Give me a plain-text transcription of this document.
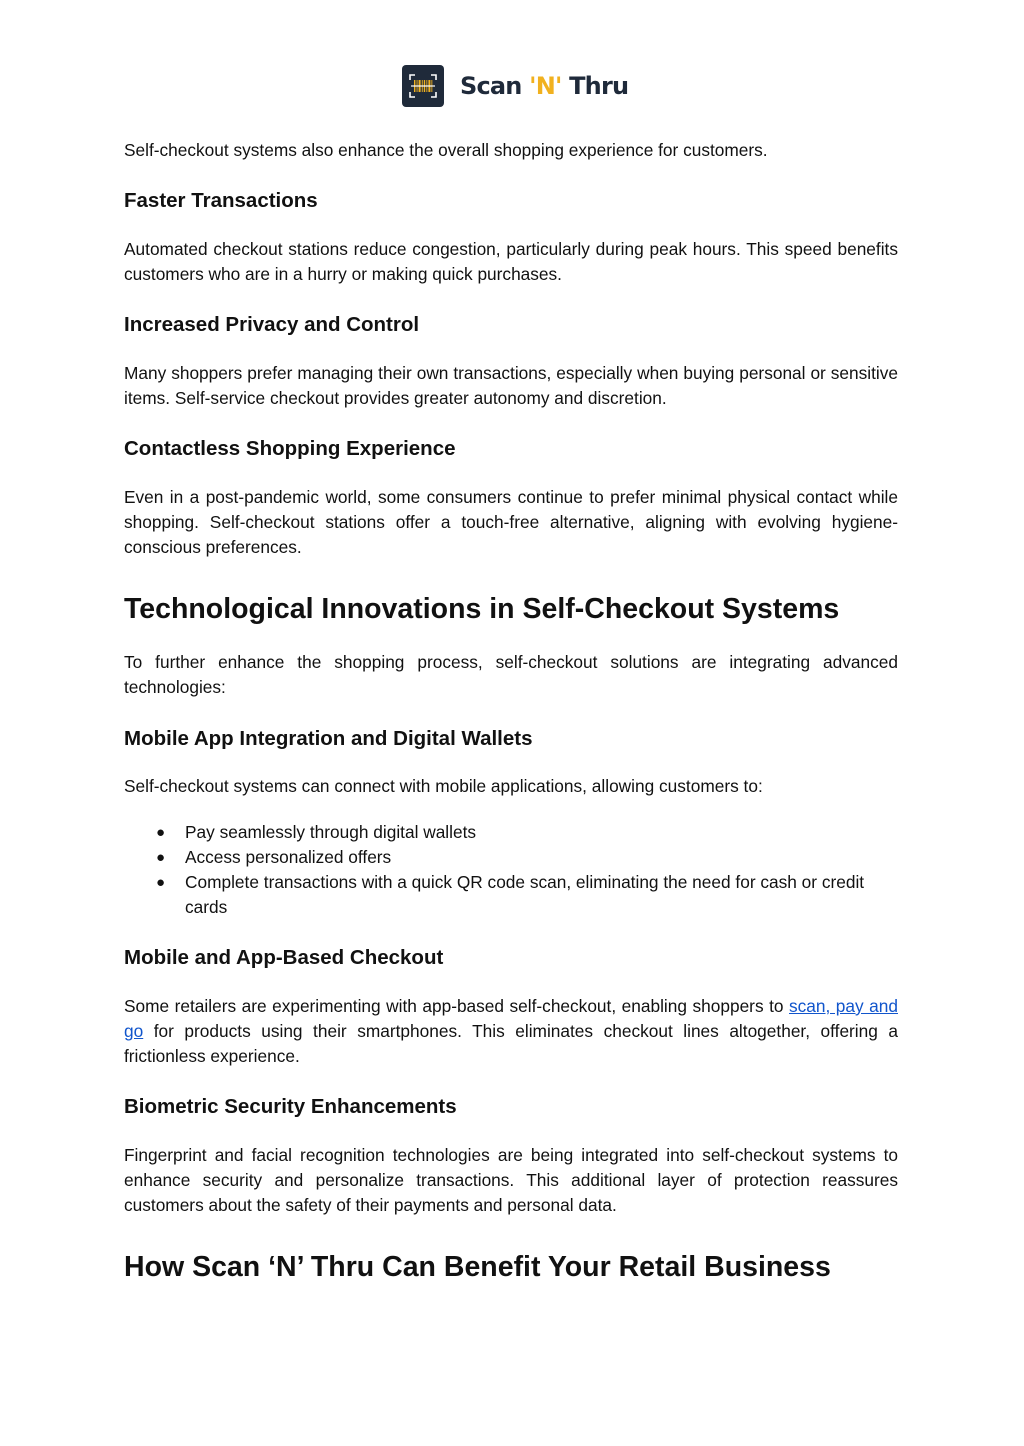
Scan 'N' Thru

Self-checkout systems also enhance the overall shopping experience for customers.

Faster Transactions

Automated checkout stations reduce congestion, particularly during peak hours. This speed benefits customers who are in a hurry or making quick purchases.

Increased Privacy and Control

Many shoppers prefer managing their own transactions, especially when buying personal or sensitive items. Self-service checkout provides greater autonomy and discretion.

Contactless Shopping Experience

Even in a post-pandemic world, some consumers continue to prefer minimal physical contact while shopping. Self-checkout stations offer a touch-free alternative, aligning with evolving hygiene-conscious preferences.

Technological Innovations in Self-Checkout Systems

To further enhance the shopping process, self-checkout solutions are integrating advanced technologies:

Mobile App Integration and Digital Wallets

Self-checkout systems can connect with mobile applications, allowing customers to:

● Pay seamlessly through digital wallets
● Access personalized offers
● Complete transactions with a quick QR code scan, eliminating the need for cash or credit cards
Mobile and App-Based Checkout

Some retailers are experimenting with app-based self-checkout, enabling shoppers to scan, pay and go for products using their smartphones. This eliminates checkout lines altogether, offering a frictionless experience.

Biometric Security Enhancements

Fingerprint and facial recognition technologies are being integrated into self-checkout systems to enhance security and personalize transactions. This additional layer of protection reassures customers about the safety of their payments and personal data.

How Scan ‘N’ Thru Can Benefit Your Retail Business
